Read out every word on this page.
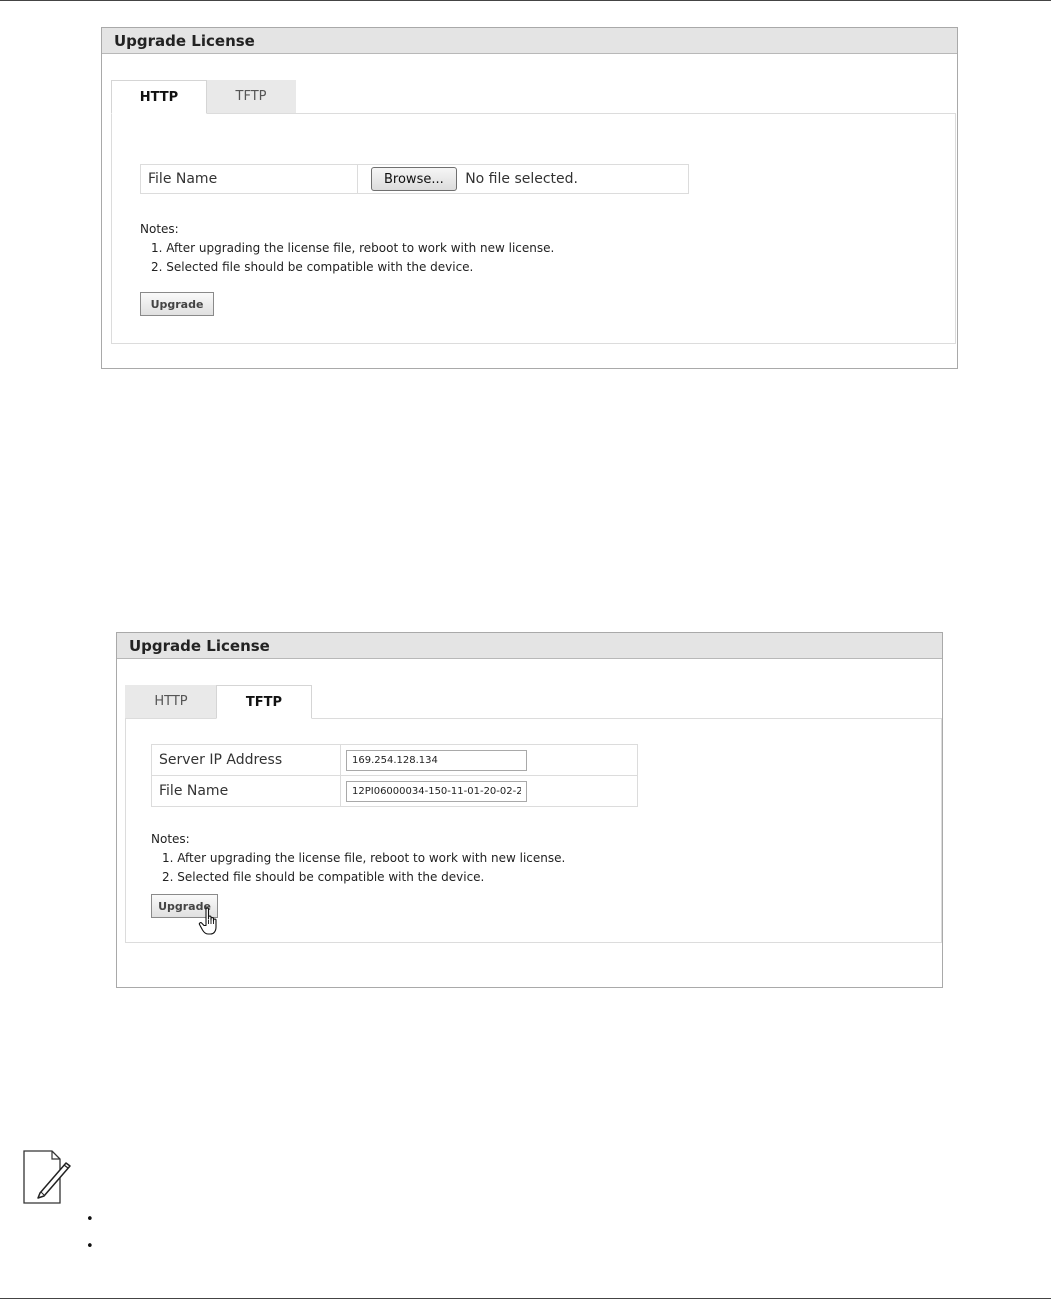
Upgrade License
HTTP	TFTP
File Name	Browse... No file selected.
Notes:
1. After upgrading the license file, reboot to work with new license.
2. Selected file should be compatible with the device.
Upgrade
Upgrade License
HTTP	TFTP
Server IP Address	169.254.128.134
File Name	12PI06000034-150-11-01-20-02-2
Notes:
1. After upgrading the license file, reboot to work with new license.
2. Selected file should be compatible with the device.
Upgrade
•
•
